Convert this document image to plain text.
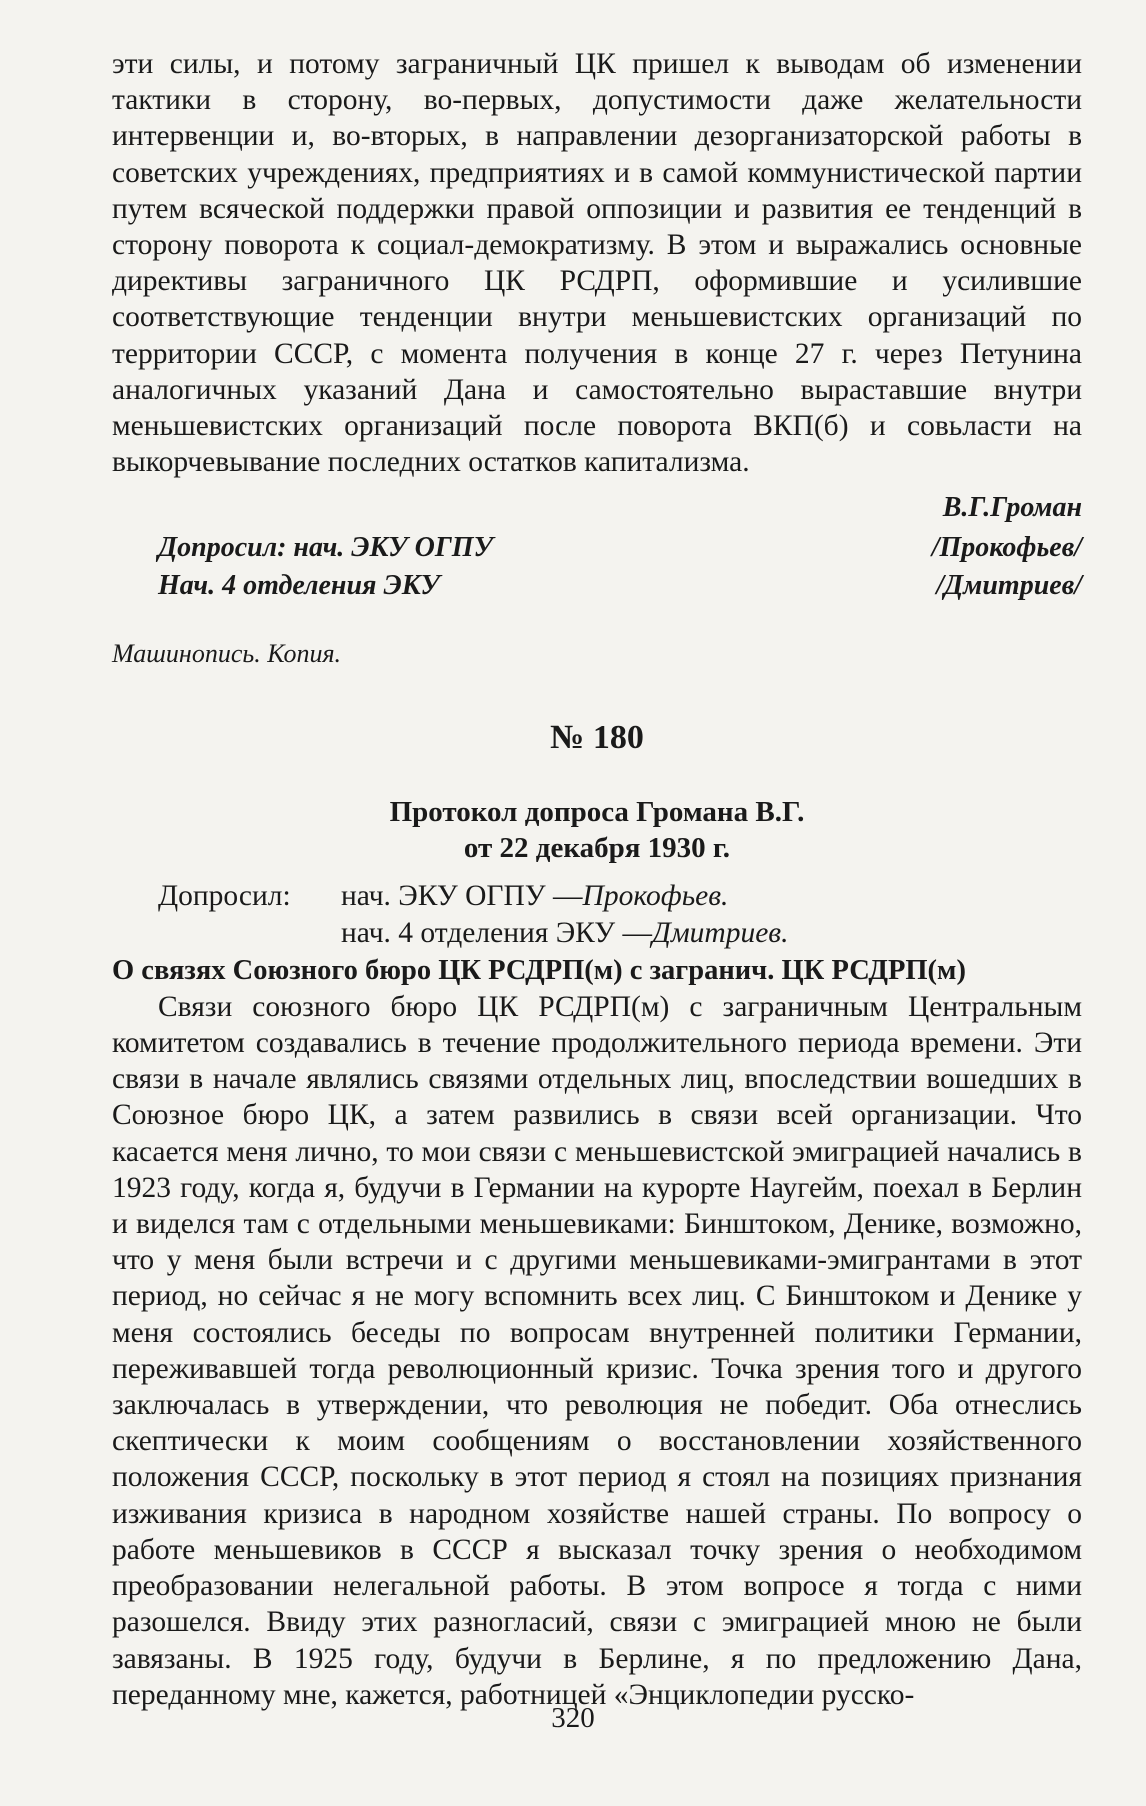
эти силы, и потому заграничный ЦК пришел к выводам об изменении тактики в сторону, во-первых, допустимости даже желательности интервенции и, во-вторых, в направлении дезорганизаторской работы в советских учреждениях, предприятиях и в самой коммунистической партии путем всяческой поддержки правой оппозиции и развития ее тенденций в сторону поворота к социал-демократизму. В этом и выражались основные директивы заграничного ЦК РСДРП, оформившие и усилившие соответствующие тенденции внутри меньшевистских организаций по территории СССР, с момента получения в конце 27 г. через Петунина аналогичных указаний Дана и самостоятельно выраставшие внутри меньшевистских организаций после поворота ВКП(б) и совьласти на выкорчевывание последних остатков капитализма.

В.Г.Громан
Допросил: нач. ЭКУ ОГПУ	/Прокофьев/
Нач. 4 отделения ЭКУ	/Дмитриев/
Машинопись. Копия.
№ 180
Протокол допроса Громана В.Г.
от 22 декабря 1930 г.
Допросил:	нач. ЭКУ ОГПУ — Прокофьев.
нач. 4 отделения ЭКУ — Дмитриев.
О связях Союзного бюро ЦК РСДРП(м) с загранич. ЦК РСДРП(м)

Связи союзного бюро ЦК РСДРП(м) с заграничным Центральным комитетом создавались в течение продолжительного периода времени. Эти связи в начале являлись связями отдельных лиц, впоследствии вошедших в Союзное бюро ЦК, а затем развились в связи всей организации. Что касается меня лично, то мои связи с меньшевистской эмиграцией начались в 1923 году, когда я, будучи в Германии на курорте Наугейм, поехал в Берлин и виделся там с отдельными меньшевиками: Бинштоком, Денике, возможно, что у меня были встречи и с другими меньшевиками-эмигрантами в этот период, но сейчас я не могу вспомнить всех лиц. С Бинштоком и Денике у меня состоялись беседы по вопросам внутренней политики Германии, переживавшей тогда революционный кризис. Точка зрения того и другого заключалась в утверждении, что революция не победит. Оба отнеслись скептически к моим сообщениям о восстановлении хозяйственного положения СССР, поскольку в этот период я стоял на позициях признания изживания кризиса в народном хозяйстве нашей страны. По вопросу о работе меньшевиков в СССР я высказал точку зрения о необходимом преобразовании нелегальной работы. В этом вопросе я тогда с ними разошелся. Ввиду этих разногласий, связи с эмиграцией мною не были завязаны. В 1925 году, будучи в Берлине, я по предложению Дана, переданному мне, кажется, работницей «Энциклопедии русско-

320
